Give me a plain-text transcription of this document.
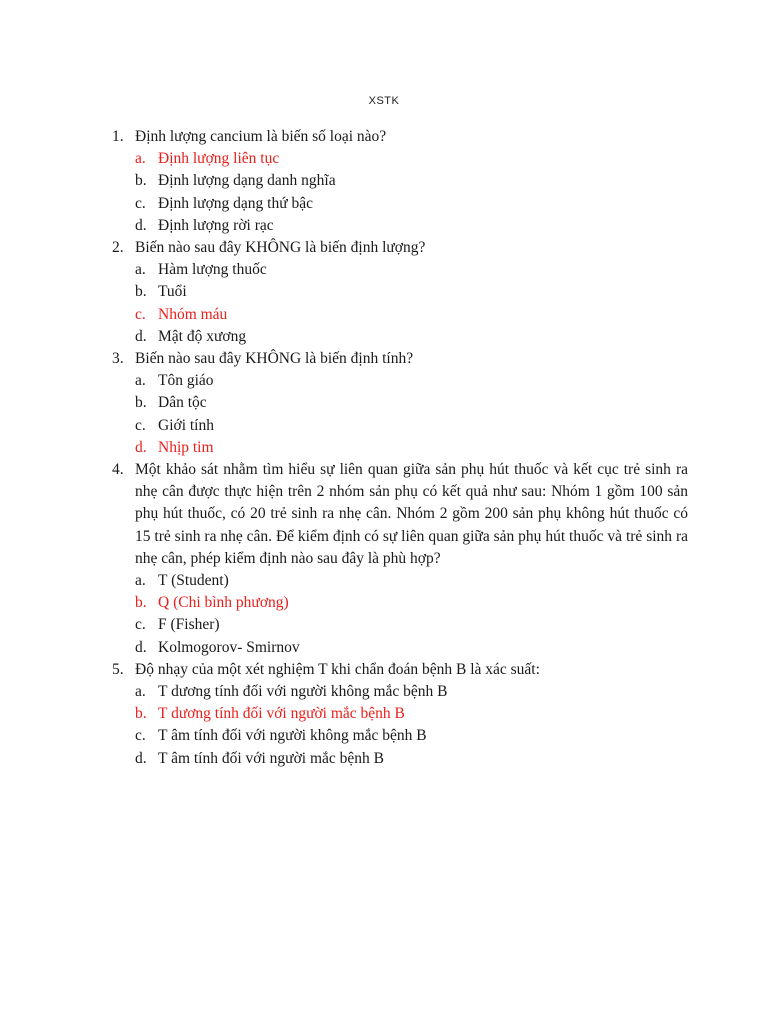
XSTK
1. Định lượng cancium là biến số loại nào?
a. Định lượng liên tục
b. Định lượng dạng danh nghĩa
c. Định lượng dạng thứ bậc
d. Định lượng rời rạc
2. Biến nào sau đây KHÔNG là biến định lượng?
a. Hàm lượng thuốc
b. Tuổi
c. Nhóm máu
d. Mật độ xương
3. Biến nào sau đây KHÔNG là biến định tính?
a. Tôn giáo
b. Dân tộc
c. Giới tính
d. Nhịp tim
4. Một khảo sát nhằm tìm hiểu sự liên quan giữa sản phụ hút thuốc và kết cục trẻ sinh ra nhẹ cân được thực hiện trên 2 nhóm sản phụ có kết quả như sau: Nhóm 1 gồm 100 sản phụ hút thuốc, có 20 trẻ sinh ra nhẹ cân. Nhóm 2 gồm 200 sản phụ không hút thuốc có 15 trẻ sinh ra nhẹ cân. Để kiểm định có sự liên quan giữa sản phụ hút thuốc và trẻ sinh ra nhẹ cân, phép kiểm định nào sau đây là phù hợp?
a. T (Student)
b. Q (Chi bình phương)
c. F (Fisher)
d. Kolmogorov- Smirnov
5. Độ nhạy của một xét nghiệm T khi chẩn đoán bệnh B là xác suất:
a. T dương tính đối với người không mắc bệnh B
b. T dương tính đối với người mắc bệnh B
c. T âm tính đối với người không mắc bệnh B
d. T âm tính đối với người mắc bệnh B
